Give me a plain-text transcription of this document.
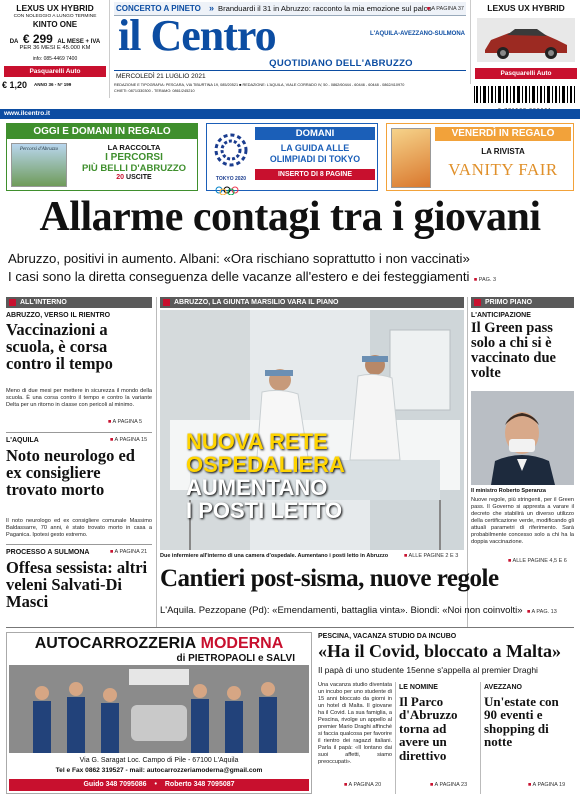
LEXUS UX HYBRID
CON NOLEGGIO A LUNGO TERMINE
KINTO ONE
DA € 299 AL MESE + IVA
PER 36 MESI E 45.000 KM
info: 085-4469 7400
Pasquarelli Auto
€ 1,20 ANNO 36 - N° 199
CONCERTO A PINETO » Branduardi il 31 in Abruzzo: racconto la mia emozione sul palco ■ A PAGINA 37
il Centro	L'AQUILA-AVEZZANO-SULMONA
QUOTIDIANO DELL'ABRUZZO
MERCOLEDÌ 21 LUGLIO 2021
REDAZIONE E TIPOGRAFIA: PESCARA, VIA TIBURTINA 19, 085/20521 ■ REDAZIONE: L'AQUILA, VIALE CORRADO IV, 50 - 0862/60444 - 60446 - 60448 - 0862/410970
CHIETI: 0871/330300 - TERAMO: 0861/245210
LEXUS UX HYBRID
Pasquarelli Auto
www.ilcentro.it
OGGI E DOMANI IN REGALO
Percorsi d'Abruzzo	LA RACCOLTA
I PERCORSI
PIÙ BELLI D'ABRUZZO
20 USCITE	TOKYO 2020
DOMANI
LA GUIDA ALLE
OLIMPIADI DI TOKYO
INSERTO DI 8 PAGINE
VENERDÌ IN REGALO
LA RIVISTA
VANITY FAIR
Allarme contagi tra i giovani
Abruzzo, positivi in aumento. Albani: «Ora rischiano soprattutto i non vaccinati»
I casi sono la diretta conseguenza delle vacanze all'estero e dei festeggiamenti ■ PAG. 3
ALL'INTERNO
ABRUZZO, VERSO IL RIENTRO
Vaccinazioni a scuola, è corsa contro il tempo
Meno di due mesi per mettere in sicurezza il mondo della scuola. È una corsa contro il tempo e contro la variante Delta per un ritorno in classe con pericoli al minimo.
■ A PAGINA 5
L'AQUILA	■ A PAGINA 15
Noto neurologo ed ex consigliere trovato morto
Il noto neurologo ed ex consigliere comunale Massimo Baldassarre, 70 anni, è stato trovato morto in casa a Paganica. Ipotesi gesto estremo.
PROCESSO A SULMONA	■ A PAGINA 21
Offesa sessista: altri veleni Salvati-Di Masci
ABRUZZO, LA GIUNTA MARSILIO VARA IL PIANO
NUOVA RETE
OSPEDALIERA
AUMENTANO
I POSTI LETTO
Due infermiere all'interno di una camera d'ospedale. Aumentano i posti letto in Abruzzo	■ ALLE PAGINE 2 E 3
Cantieri post-sisma, nuove regole
L'Aquila. Pezzopane (Pd): «Emendamenti, battaglia vinta». Biondi: «Noi non coinvolti» ■ A PAG. 13
PRIMO PIANO
L'ANTICIPAZIONE
Il Green pass solo a chi si è vaccinato due volte
Il ministro Roberto Speranza
Nuove regole, più stringenti, per il Green pass. Il Governo si appresta a varare il decreto che stabilirà un diverso utilizzo della certificazione verde, modificando gli attuali parametri di riferimento. Sarà probabilmente concesso solo a chi ha la doppia vaccinazione.
■ ALLE PAGINE 4,5 E 6
AUTOCARROZZERIA MODERNA
di PIETROPAOLI e SALVI
Via G. Saragat Loc. Campo di Pile - 67100 L'Aquila
Tel e Fax 0862 319527 - mail: autocarrozzeriamoderna@gmail.com
Guido 348 7095086 • Roberto 348 7095087
PESCINA, VACANZA STUDIO DA INCUBO
«Ha il Covid, bloccato a Malta»
Il papà di uno studente 15enne s'appella al premier Draghi
Una vacanza studio diventata un incubo per uno studente di 15 anni bloccato da giorni in un hotel di Malta. Il giovane ha il Covid. La sua famiglia, a Pescina, rivolge un appello al premier Mario Draghi affinché si faccia qualcosa per favorire il rientro dei ragazzi italiani. Parla il papà: «Il lontano dai suoi affetti, siamo preoccupati».
■ A PAGINA 20
LE NOMINE
Il Parco d'Abruzzo torna ad avere un direttivo
■ A PAGINA 23
AVEZZANO
Un'estate con 90 eventi e shopping di notte
■ A PAGINA 19
